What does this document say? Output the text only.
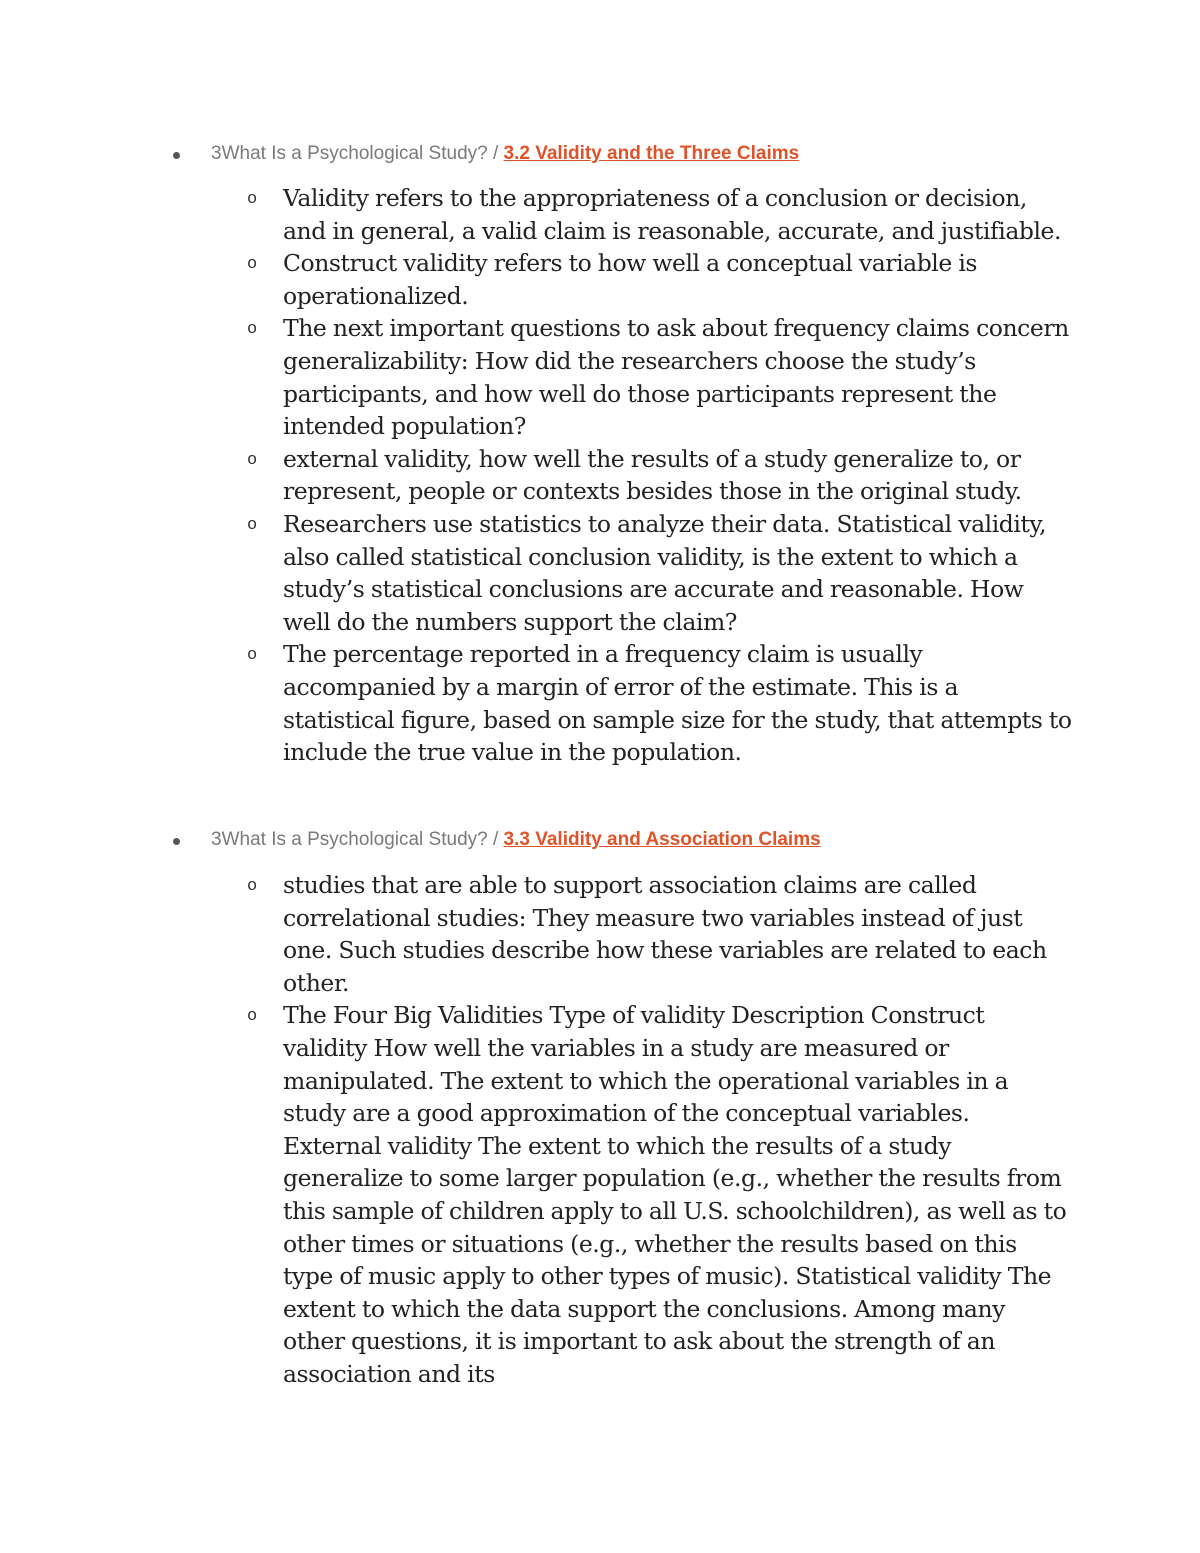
3What Is a Psychological Study? / 3.2 Validity and the Three Claims
o Validity refers to the appropriateness of a conclusion or decision, and in general, a valid claim is reasonable, accurate, and justifiable.
o Construct validity refers to how well a conceptual variable is operationalized.
o The next important questions to ask about frequency claims concern generalizability: How did the researchers choose the study’s participants, and how well do those participants represent the intended population?
o external validity, how well the results of a study generalize to, or represent, people or contexts besides those in the original study.
o Researchers use statistics to analyze their data. Statistical validity, also called statistical conclusion validity, is the extent to which a study’s statistical conclusions are accurate and reasonable. How well do the numbers support the claim?
o The percentage reported in a frequency claim is usually accompanied by a margin of error of the estimate. This is a statistical figure, based on sample size for the study, that attempts to include the true value in the population.
3What Is a Psychological Study? / 3.3 Validity and Association Claims
o studies that are able to support association claims are called correlational studies: They measure two variables instead of just one. Such studies describe how these variables are related to each other.
o The Four Big Validities Type of validity Description Construct validity How well the variables in a study are measured or manipulated. The extent to which the operational variables in a study are a good approximation of the conceptual variables. External validity The extent to which the results of a study generalize to some larger population (e.g., whether the results from this sample of children apply to all U.S. schoolchildren), as well as to other times or situations (e.g., whether the results based on this type of music apply to other types of music). Statistical validity The extent to which the data support the conclusions. Among many other questions, it is important to ask about the strength of an association and its
